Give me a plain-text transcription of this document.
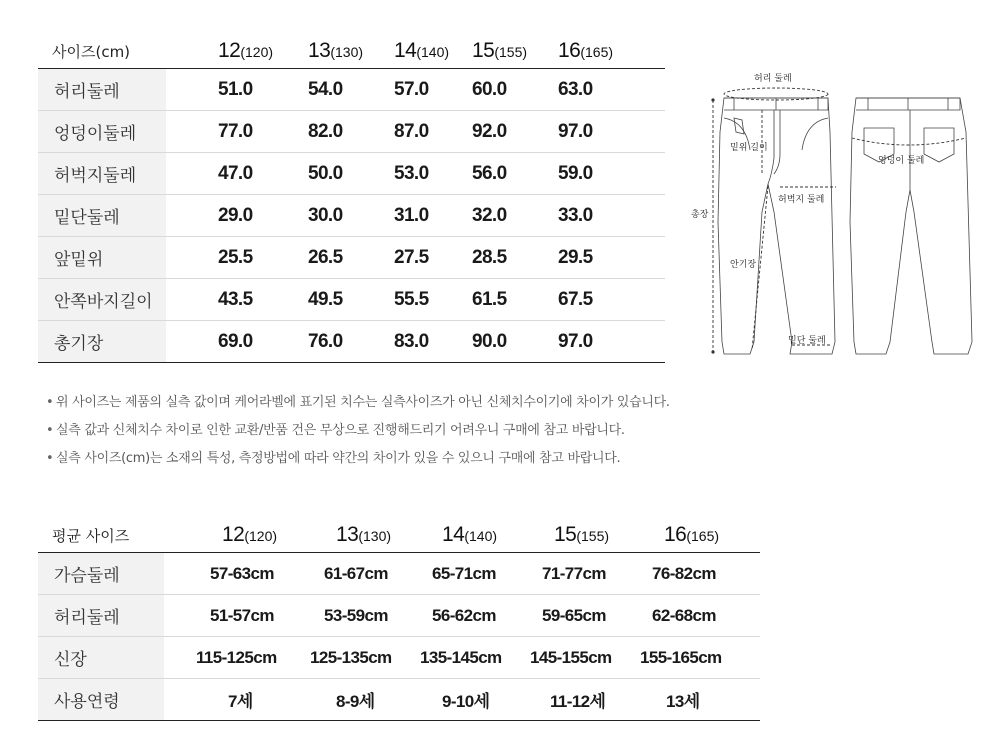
사이즈(cm)		12(120)	13(130)	14(140)	15(155)	16(165)
허리둘레		51.0	54.0	57.0	60.0	63.0
엉덩이둘레		77.0	82.0	87.0	92.0	97.0
허벅지둘레		47.0	50.0	53.0	56.0	59.0
밑단둘레		29.0	30.0	31.0	32.0	33.0
앞밑위		25.5	26.5	27.5	28.5	29.5
안쪽바지길이		43.5	49.5	55.5	61.5	67.5
총기장		69.0	76.0	83.0	90.0	97.0
허리 둘레
밑위 길이
허벅지 둘레
총장
안기장
밑단 둘레
엉덩이 둘레
• 위 사이즈는 제품의 실측 값이며 케어라벨에 표기된 치수는 실측사이즈가 아닌 신체치수이기에 차이가 있습니다.
• 실측 값과 신체치수 차이로 인한 교환/반품 건은 무상으로 진행해드리기 어려우니 구매에 참고 바랍니다.
• 실측 사이즈(cm)는 소재의 특성, 측정방법에 따라 약간의 차이가 있을 수 있으니 구매에 참고 바랍니다.
평균 사이즈		12(120)	13(130)	14(140)	15(155)	16(165)
가슴둘레		57-63cm	61-67cm	65-71cm	71-77cm	76-82cm
허리둘레		51-57cm	53-59cm	56-62cm	59-65cm	62-68cm
신장		115-125cm	125-135cm	135-145cm	145-155cm	155-165cm
사용연령		7세	8-9세	9-10세	11-12세	13세
